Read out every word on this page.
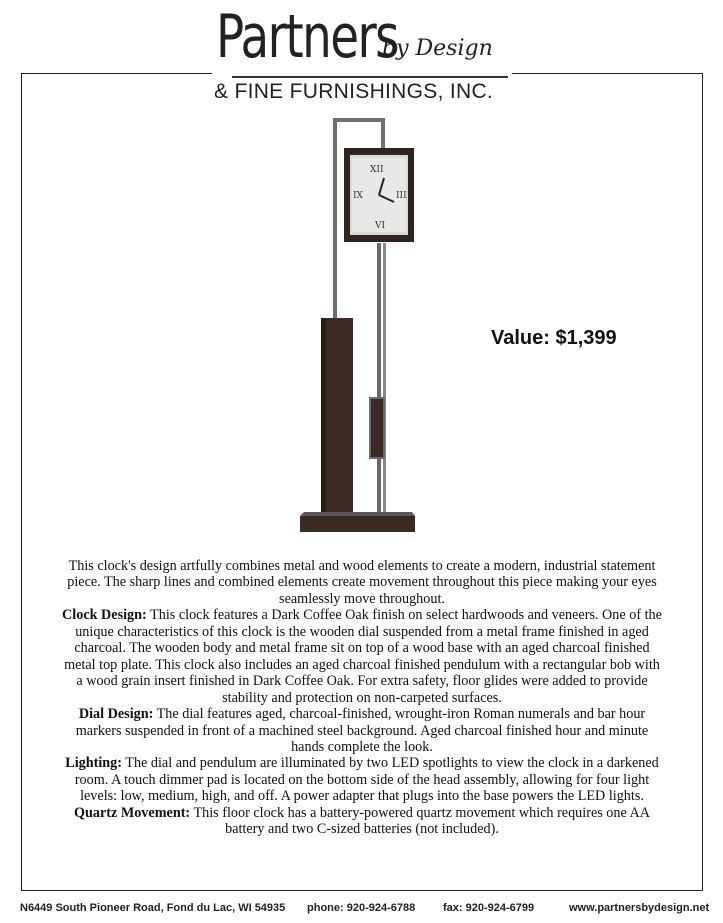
Partners
by Design
& FINE FURNISHINGS, INC.
XII
III
VI
IX
Value: $1,399

This clock's design artfully combines metal and wood elements to create a modern, industrial statement piece. The sharp lines and combined elements create movement throughout this piece making your eyes seamlessly move throughout.

Clock Design: This clock features a Dark Coffee Oak finish on select hardwoods and veneers. One of the unique characteristics of this clock is the wooden dial suspended from a metal frame finished in aged charcoal. The wooden body and metal frame sit on top of a wood base with an aged charcoal finished metal top plate. This clock also includes an aged charcoal finished pendulum with a rectangular bob with a wood grain insert finished in Dark Coffee Oak. For extra safety, floor glides were added to provide stability and protection on non-carpeted surfaces.

Dial Design: The dial features aged, charcoal-finished, wrought-iron Roman numerals and bar hour markers suspended in front of a machined steel background. Aged charcoal finished hour and minute hands complete the look.

Lighting: The dial and pendulum are illuminated by two LED spotlights to view the clock in a darkened room. A touch dimmer pad is located on the bottom side of the head assembly, allowing for four light levels: low, medium, high, and off. A power adapter that plugs into the base powers the LED lights.

Quartz Movement: This floor clock has a battery-powered quartz movement which requires one AA battery and two C-sized batteries (not included).

N6449 South Pioneer Road, Fond du Lac, WI 54935	phone: 920-924-6788	fax: 920-924-6799	www.partnersbydesign.net
